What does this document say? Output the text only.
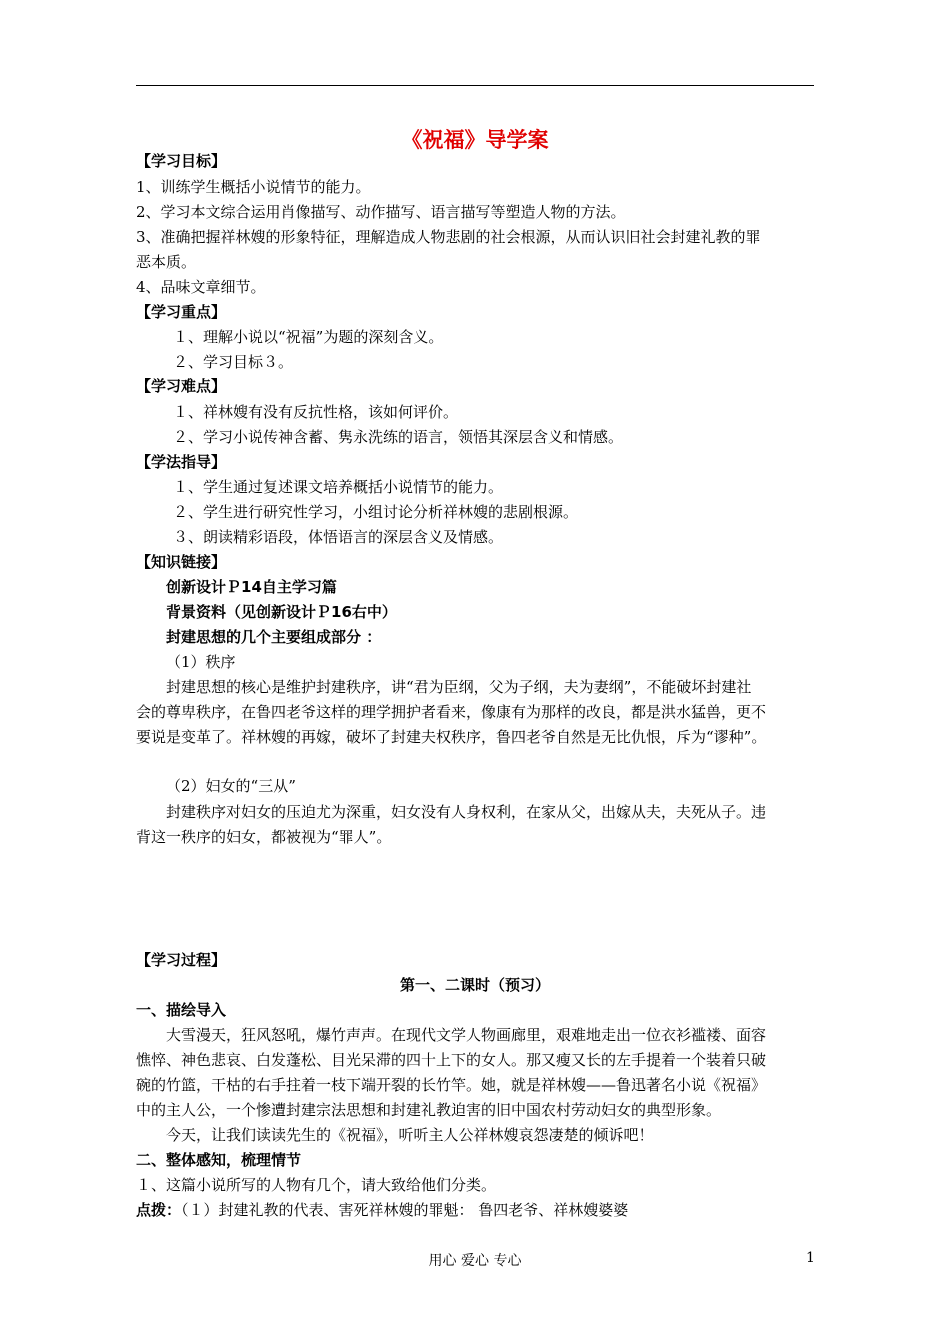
《祝福》导学案
【学习目标】
1、训练学生概括小说情节的能力。
2、学习本文综合运用肖像描写、动作描写、语言描写等塑造人物的方法。
3、准确把握祥林嫂的形象特征，理解造成人物悲剧的社会根源，从而认识旧社会封建礼教的罪
恶本质。
4、品味文章细节。
【学习重点】
１、理解小说以“祝福”为题的深刻含义。
２、学习目标３。
【学习难点】
１、祥林嫂有没有反抗性格，该如何评价。
２、学习小说传神含蓄、隽永洗练的语言，领悟其深层含义和情感。
【学法指导】
１、学生通过复述课文培养概括小说情节的能力。
２、学生进行研究性学习，小组讨论分析祥林嫂的悲剧根源。
３、朗读精彩语段，体悟语言的深层含义及情感。
【知识链接】
创新设计Ｐ14自主学习篇
背景资料（见创新设计Ｐ16右中）
封建思想的几个主要组成部分 ：
（1）秩序
封建思想的核心是维护封建秩序，讲“君为臣纲，父为子纲，夫为妻纲”，不能破坏封建社
会的尊卑秩序，在鲁四老爷这样的理学拥护者看来，像康有为那样的改良，都是洪水猛兽，更不
要说是变革了。祥林嫂的再嫁，破坏了封建夫权秩序，鲁四老爷自然是无比仇恨，斥为“谬种”。
（2）妇女的“三从”
封建秩序对妇女的压迫尤为深重，妇女没有人身权利，在家从父，出嫁从夫，夫死从子。违
背这一秩序的妇女，都被视为“罪人”。
【学习过程】
第一、二课时（预习）
一、描绘导入
大雪漫天，狂风怒吼，爆竹声声。在现代文学人物画廊里，艰难地走出一位衣衫褴褛、面容
憔悴、神色悲哀、白发蓬松、目光呆滞的四十上下的女人。那又瘦又长的左手提着一个装着只破
碗的竹篮，干枯的右手拄着一枝下端开裂的长竹竿。她，就是祥林嫂——鲁迅著名小说《祝福》
中的主人公，一个惨遭封建宗法思想和封建礼教迫害的旧中国农村劳动妇女的典型形象。
今天，让我们读读先生的《祝福》，听听主人公祥林嫂哀怨凄楚的倾诉吧！
二、整体感知，梳理情节
１、这篇小说所写的人物有几个，请大致给他们分类。
点拨：（１）封建礼教的代表、害死祥林嫂的罪魁： 鲁四老爷、祥林嫂婆婆
用心 爱心 专心	1
